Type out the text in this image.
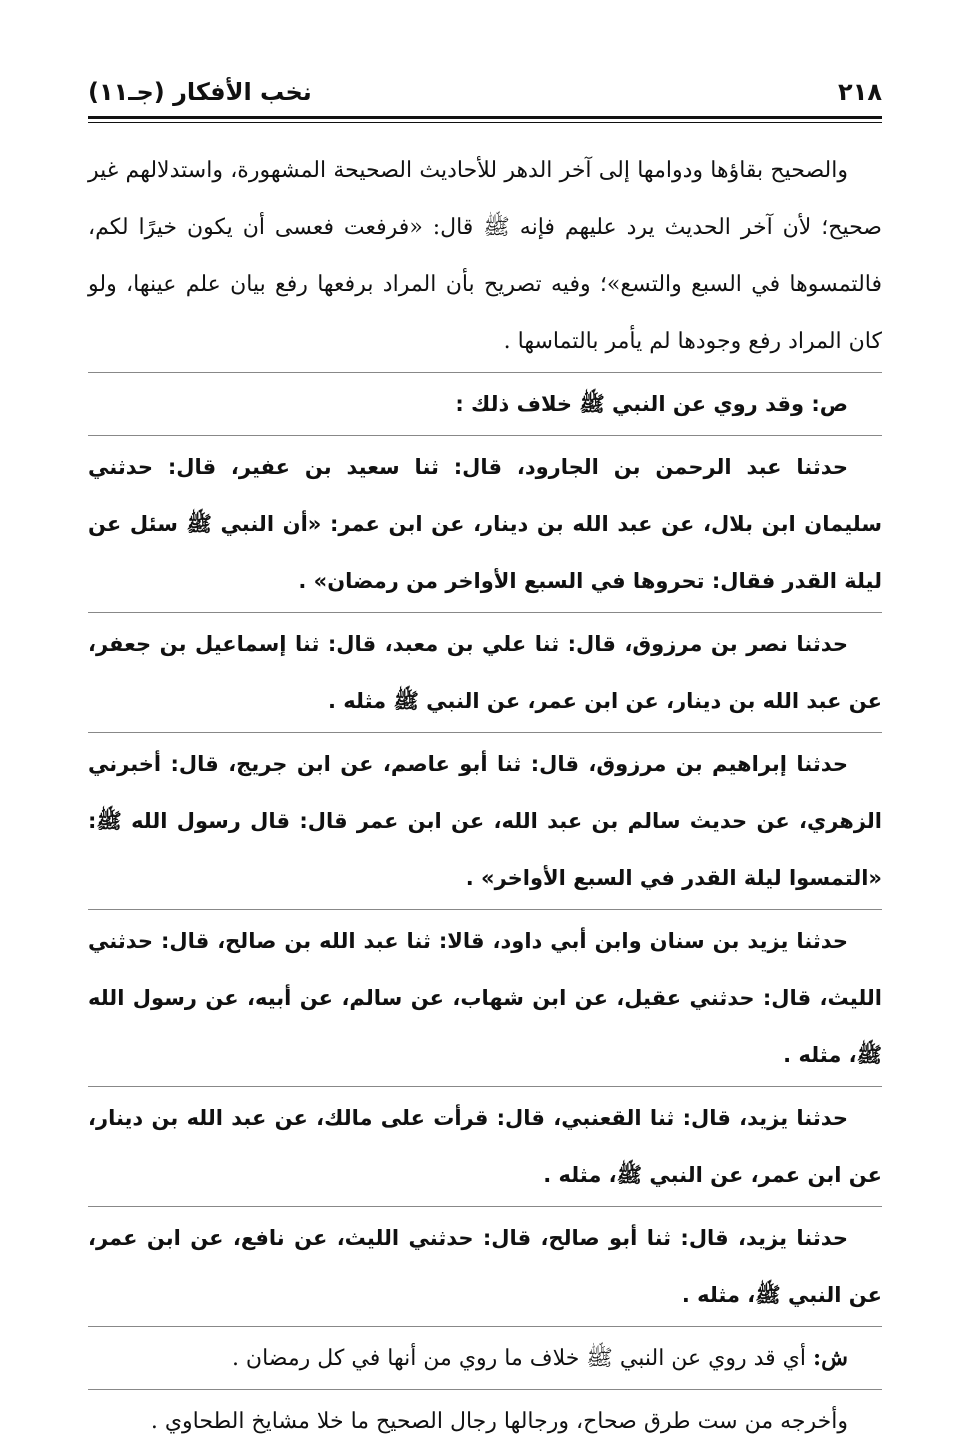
٢١٨
نخب الأفكار (جـ١١)

والصحيح بقاؤها ودوامها إلى آخر الدهر للأحاديث الصحيحة المشهورة، واستدلالهم غير صحيح؛ لأن آخر الحديث يرد عليهم فإنه ﷺ قال: «فرفعت فعسى أن يكون خيرًا لكم، فالتمسوها في السبع والتسع»؛ وفيه تصريح بأن المراد برفعها رفع بيان علم عينها، ولو كان المراد رفع وجودها لم يأمر بالتماسها .

ص: وقد روي عن النبي ﷺ خلاف ذلك :

حدثنا عبد الرحمن بن الجارود، قال: ثنا سعيد بن عفير، قال: حدثني سليمان ابن بلال، عن عبد الله بن دينار، عن ابن عمر: «أن النبي ﷺ سئل عن ليلة القدر فقال: تحروها في السبع الأواخر من رمضان» .

حدثنا نصر بن مرزوق، قال: ثنا علي بن معبد، قال: ثنا إسماعيل بن جعفر، عن عبد الله بن دينار، عن ابن عمر، عن النبي ﷺ مثله .

حدثنا إبراهيم بن مرزوق، قال: ثنا أبو عاصم، عن ابن جريج، قال: أخبرني الزهري، عن حديث سالم بن عبد الله، عن ابن عمر قال: قال رسول الله ﷺ: «التمسوا ليلة القدر في السبع الأواخر» .

حدثنا يزيد بن سنان وابن أبي داود، قالا: ثنا عبد الله بن صالح، قال: حدثني الليث، قال: حدثني عقيل، عن ابن شهاب، عن سالم، عن أبيه، عن رسول الله ﷺ، مثله .

حدثنا يزيد، قال: ثنا القعنبي، قال: قرأت على مالك، عن عبد الله بن دينار، عن ابن عمر، عن النبي ﷺ، مثله .

حدثنا يزيد، قال: ثنا أبو صالح، قال: حدثني الليث، عن نافع، عن ابن عمر، عن النبي ﷺ، مثله .

ش: أي قد روي عن النبي ﷺ خلاف ما روي من أنها في كل رمضان .

وأخرجه من ست طرق صحاح، ورجالها رجال الصحيح ما خلا مشايخ الطحاوي .
